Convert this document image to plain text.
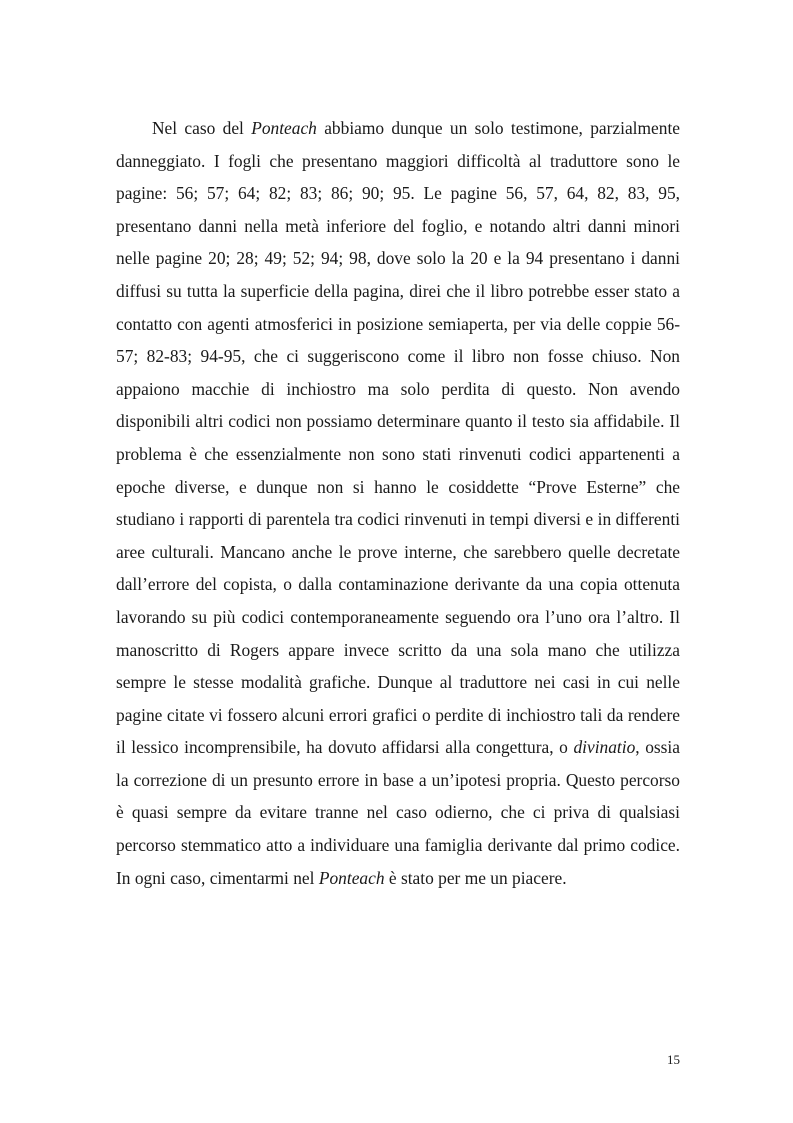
Nel caso del Ponteach abbiamo dunque un solo testimone, parzialmente danneggiato. I fogli che presentano maggiori difficoltà al traduttore sono le pagine: 56; 57; 64; 82; 83; 86; 90; 95. Le pagine 56, 57, 64, 82, 83, 95, presentano danni nella metà inferiore del foglio, e notando altri danni minori nelle pagine 20; 28; 49; 52; 94; 98, dove solo la 20 e la 94 presentano i danni diffusi su tutta la superficie della pagina, direi che il libro potrebbe esser stato a contatto con agenti atmosferici in posizione semiaperta, per via delle coppie 56-57; 82-83; 94-95, che ci suggeriscono come il libro non fosse chiuso. Non appaiono macchie di inchiostro ma solo perdita di questo. Non avendo disponibili altri codici non possiamo determinare quanto il testo sia affidabile. Il problema è che essenzialmente non sono stati rinvenuti codici appartenenti a epoche diverse, e dunque non si hanno le cosiddette “Prove Esterne” che studiano i rapporti di parentela tra codici rinvenuti in tempi diversi e in differenti aree culturali. Mancano anche le prove interne, che sarebbero quelle decretate dall’errore del copista, o dalla contaminazione derivante da una copia ottenuta lavorando su più codici contemporaneamente seguendo ora l’uno ora l’altro. Il manoscritto di Rogers appare invece scritto da una sola mano che utilizza sempre le stesse modalità grafiche. Dunque al traduttore nei casi in cui nelle pagine citate vi fossero alcuni errori grafici o perdite di inchiostro tali da rendere il lessico incomprensibile, ha dovuto affidarsi alla congettura, o divinatio, ossia la correzione di un presunto errore in base a un’ipotesi propria. Questo percorso è quasi sempre da evitare tranne nel caso odierno, che ci priva di qualsiasi percorso stemmatico atto a individuare una famiglia derivante dal primo codice. In ogni caso, cimentarmi nel Ponteach è stato per me un piacere.

15
